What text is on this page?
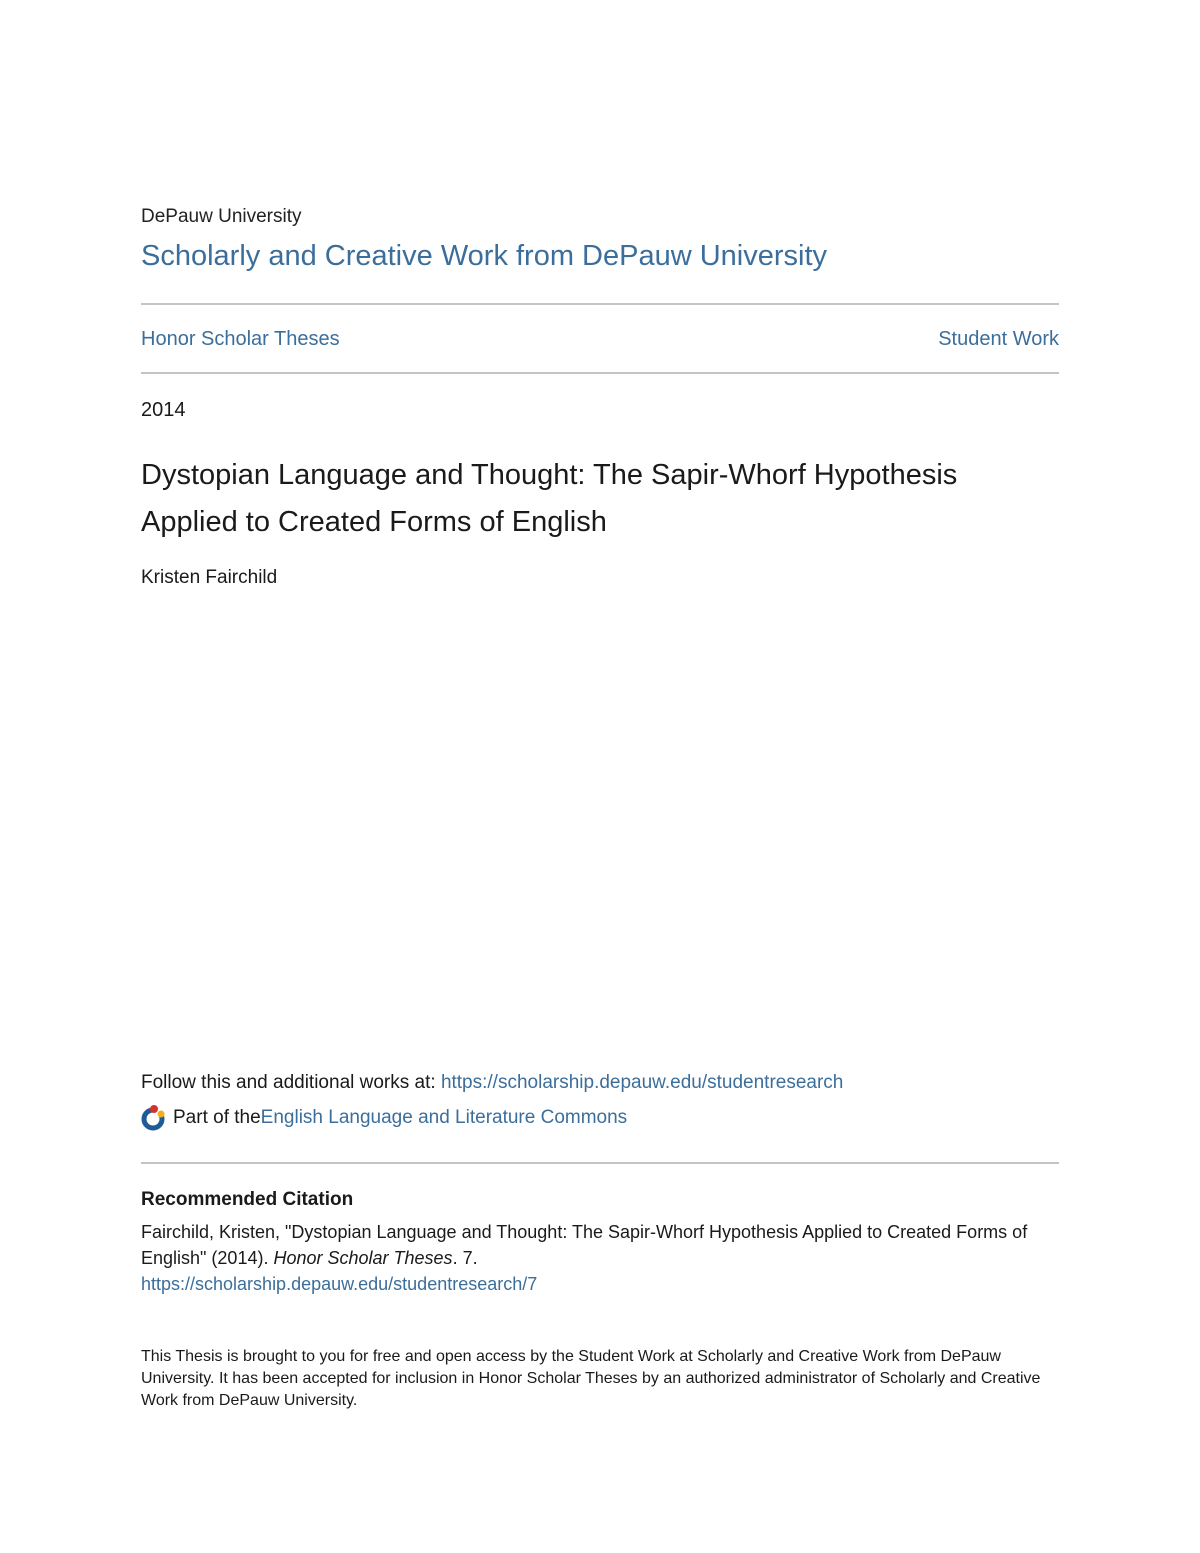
DePauw University
Scholarly and Creative Work from DePauw University
Honor Scholar Theses	Student Work
2014
Dystopian Language and Thought: The Sapir-Whorf Hypothesis Applied to Created Forms of English
Kristen Fairchild
Follow this and additional works at: https://scholarship.depauw.edu/studentresearch
Part of the English Language and Literature Commons
Recommended Citation
Fairchild, Kristen, "Dystopian Language and Thought: The Sapir-Whorf Hypothesis Applied to Created Forms of English" (2014). Honor Scholar Theses. 7.
https://scholarship.depauw.edu/studentresearch/7
This Thesis is brought to you for free and open access by the Student Work at Scholarly and Creative Work from DePauw University. It has been accepted for inclusion in Honor Scholar Theses by an authorized administrator of Scholarly and Creative Work from DePauw University.
